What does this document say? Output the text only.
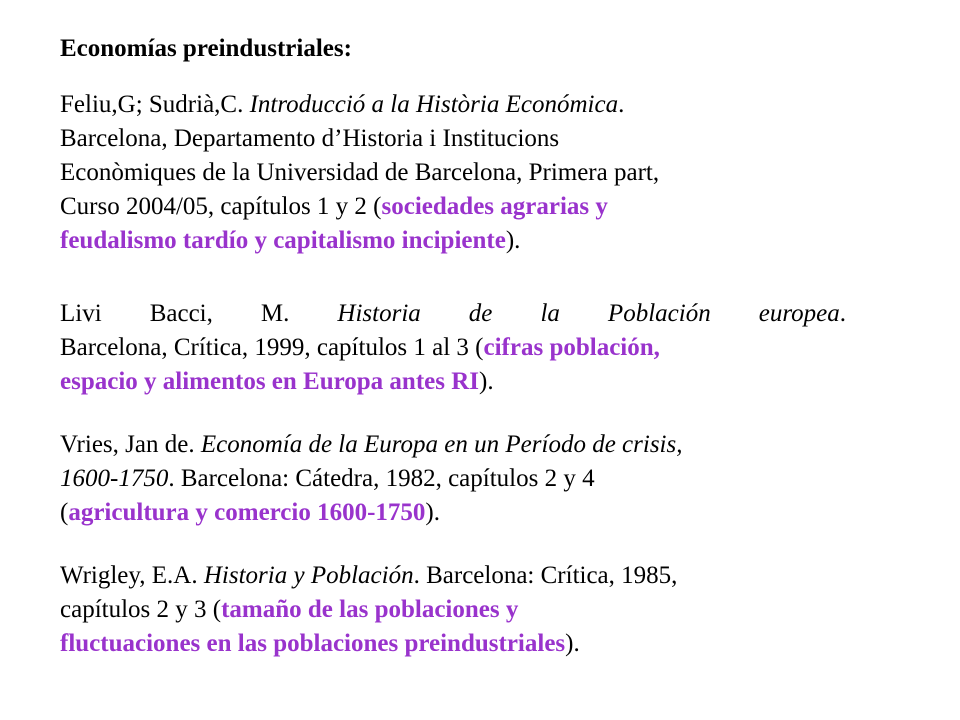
Economías preindustriales:

Feliu,G; Sudrià,C. Introducció a la Història Económica.

Barcelona, Departamento d’Historia i Institucions

Econòmiques de la Universidad de Barcelona, Primera part,

Curso 2004/05, capítulos 1 y 2 (sociedades agrarias y

feudalismo tardío y capitalismo incipiente).

Livi Bacci, M. Historia de la Población europea.

Barcelona, Crítica, 1999, capítulos 1 al 3 (cifras población,

espacio y alimentos en Europa antes RI).

Vries, Jan de. Economía de la Europa en un Período de crisis,

1600-1750. Barcelona: Cátedra, 1982, capítulos 2 y 4

(agricultura y comercio 1600-1750).

Wrigley, E.A. Historia y Población. Barcelona: Crítica, 1985,

capítulos 2 y 3 (tamaño de las poblaciones y

fluctuaciones en las poblaciones preindustriales).
